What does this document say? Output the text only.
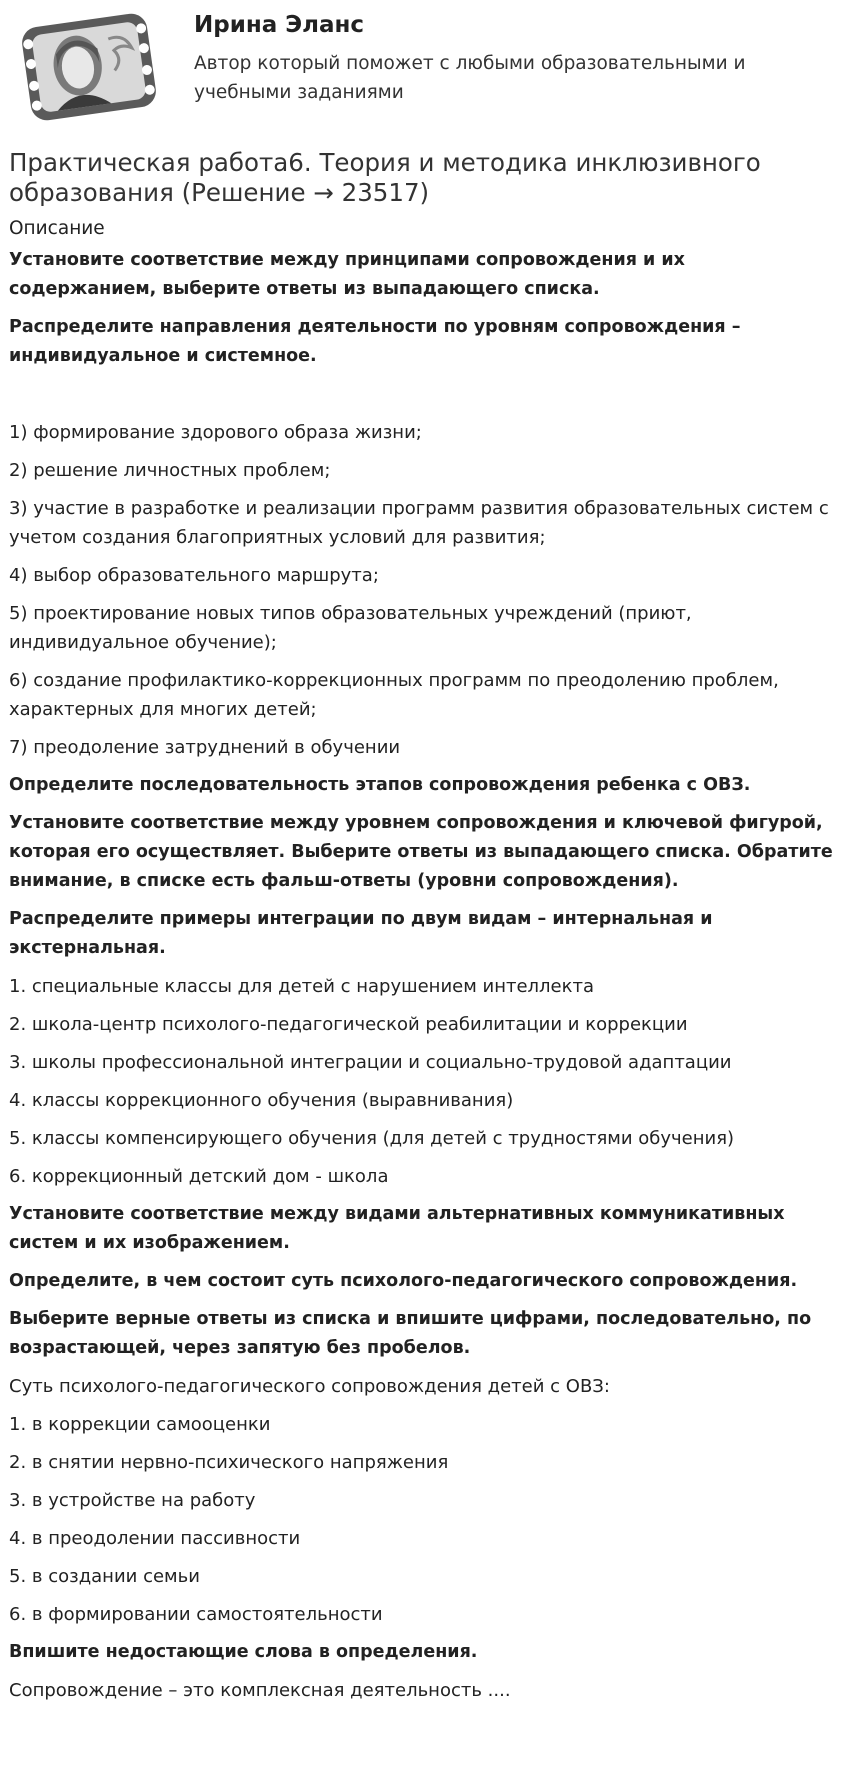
Ирина Эланс

Автор который поможет с любыми образовательными и учебными заданиями

Практическая работа6. Теория и методика инклюзивного образования (Решение → 23517)
Описание

Установите соответствие между принципами сопровождения и их содержанием, выберите ответы из выпадающего списка.

Распределите направления деятельности по уровням сопровождения – индивидуальное и системное.

1) формирование здорового образа жизни;

2) решение личностных проблем;

3) участие в разработке и реализации программ развития образовательных систем с учетом создания благоприятных условий для развития;

4) выбор образовательного маршрута;

5) проектирование новых типов образовательных учреждений (приют, индивидуальное обучение);

6) создание профилактико-коррекционных программ по преодолению проблем, характерных для многих детей;

7) преодоление затруднений в обучении

Определите последовательность этапов сопровождения ребенка с ОВЗ.

Установите соответствие между уровнем сопровождения и ключевой фигурой, которая его осуществляет. Выберите ответы из выпадающего списка. Обратите внимание, в списке есть фальш-ответы (уровни сопровождения).

Распределите примеры интеграции по двум видам – интернальная и экстернальная.

1. специальные классы для детей с нарушением интеллекта

2. школа-центр психолого-педагогической реабилитации и коррекции

3. школы профессиональной интеграции и социально-трудовой адаптации

4. классы коррекционного обучения (выравнивания)

5. классы компенсирующего обучения (для детей с трудностями обучения)

6. коррекционный детский дом - школа

Установите соответствие между видами альтернативных коммуникативных систем и их изображением.

Определите, в чем состоит суть психолого-педагогического сопровождения.

Выберите верные ответы из списка и впишите цифрами, последовательно, по возрастающей, через запятую без пробелов.

Суть психолого-педагогического сопровождения детей с ОВЗ:

1. в коррекции самооценки

2. в снятии нервно-психического напряжения

3. в устройстве на работу

4. в преодолении пассивности

5. в создании семьи

6. в формировании самостоятельности

Впишите недостающие слова в определения.

Сопровождение – это комплексная деятельность ....
